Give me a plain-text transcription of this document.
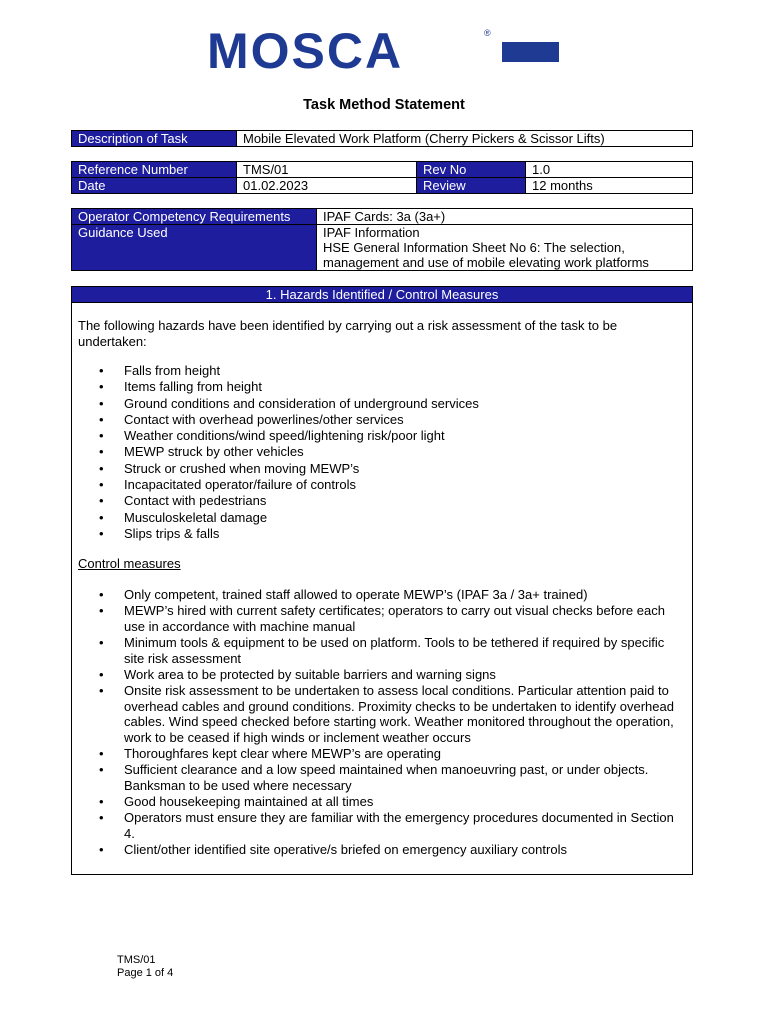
MOSCA	®
Task Method Statement
Description of Task	Mobile Elevated Work Platform (Cherry Pickers & Scissor Lifts)
Reference Number	TMS/01	Rev No	1.0
Date	01.02.2023	Review	12 months
Operator Competency Requirements	IPAF Cards: 3a (3a+)
Guidance Used	IPAF Information
HSE General Information Sheet No 6: The selection,
management and use of mobile elevating work platforms
1. Hazards Identified / Control Measures
The following hazards have been identified by carrying out a risk assessment of the task to be undertaken:
• Falls from height
• Items falling from height
• Ground conditions and consideration of underground services
• Contact with overhead powerlines/other services
• Weather conditions/wind speed/lightening risk/poor light
• MEWP struck by other vehicles
• Struck or crushed when moving MEWP’s
• Incapacitated operator/failure of controls
• Contact with pedestrians
• Musculoskeletal damage
• Slips trips & falls
Control measures
• Only competent, trained staff allowed to operate MEWP’s (IPAF 3a / 3a+ trained)
• MEWP’s hired with current safety certificates; operators to carry out visual checks before each use in accordance with machine manual
• Minimum tools & equipment to be used on platform. Tools to be tethered if required by specific site risk assessment
• Work area to be protected by suitable barriers and warning signs
• Onsite risk assessment to be undertaken to assess local conditions. Particular attention paid to overhead cables and ground conditions. Proximity checks to be undertaken to identify overhead cables. Wind speed checked before starting work. Weather monitored throughout the operation, work to be ceased if high winds or inclement weather occurs
• Thoroughfares kept clear where MEWP’s are operating
• Sufficient clearance and a low speed maintained when manoeuvring past, or under objects. Banksman to be used where necessary
• Good housekeeping maintained at all times
• Operators must ensure they are familiar with the emergency procedures documented in Section 4.
• Client/other identified site operative/s briefed on emergency auxiliary controls
TMS/01
Page 1 of 4
